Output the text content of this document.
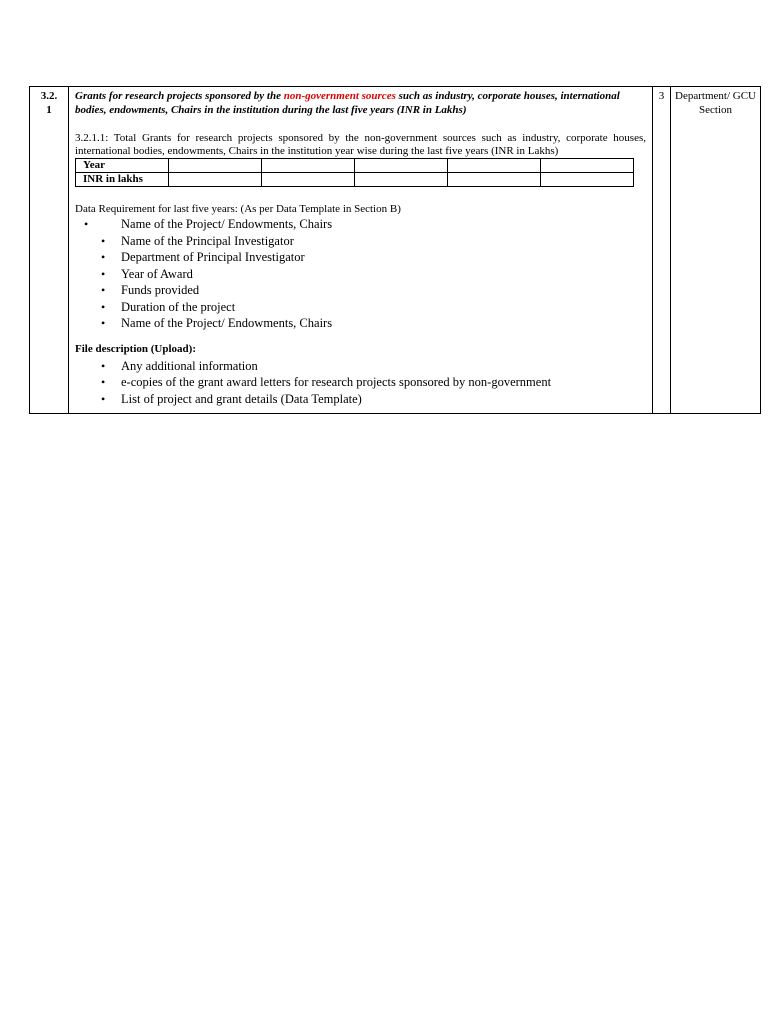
3.2.
1	

Grants for research projects sponsored by the non-government sources such as industry, corporate houses, international bodies, endowments, Chairs in the institution during the last five years (INR in Lakhs)

3.2.1.1: Total Grants for research projects sponsored by the non-government sources such as industry, corporate houses, international bodies, endowments, Chairs in the institution year wise during the last five years (INR in Lakhs)

Year					
INR in lakhs					

Data Requirement for last five years: (As per Data Template in Section B)

•	Name of the Project/ Endowments, Chairs
• Name of the Principal Investigator
• Department of Principal Investigator
• Year of Award
• Funds provided
• Duration of the project
• Name of the Project/ Endowments, Chairs

File description (Upload):

• Any additional information
• e-copies of the grant award letters for research projects sponsored by non-government
• List of project and grant details (Data Template)
	3	Department/ GCU Section
